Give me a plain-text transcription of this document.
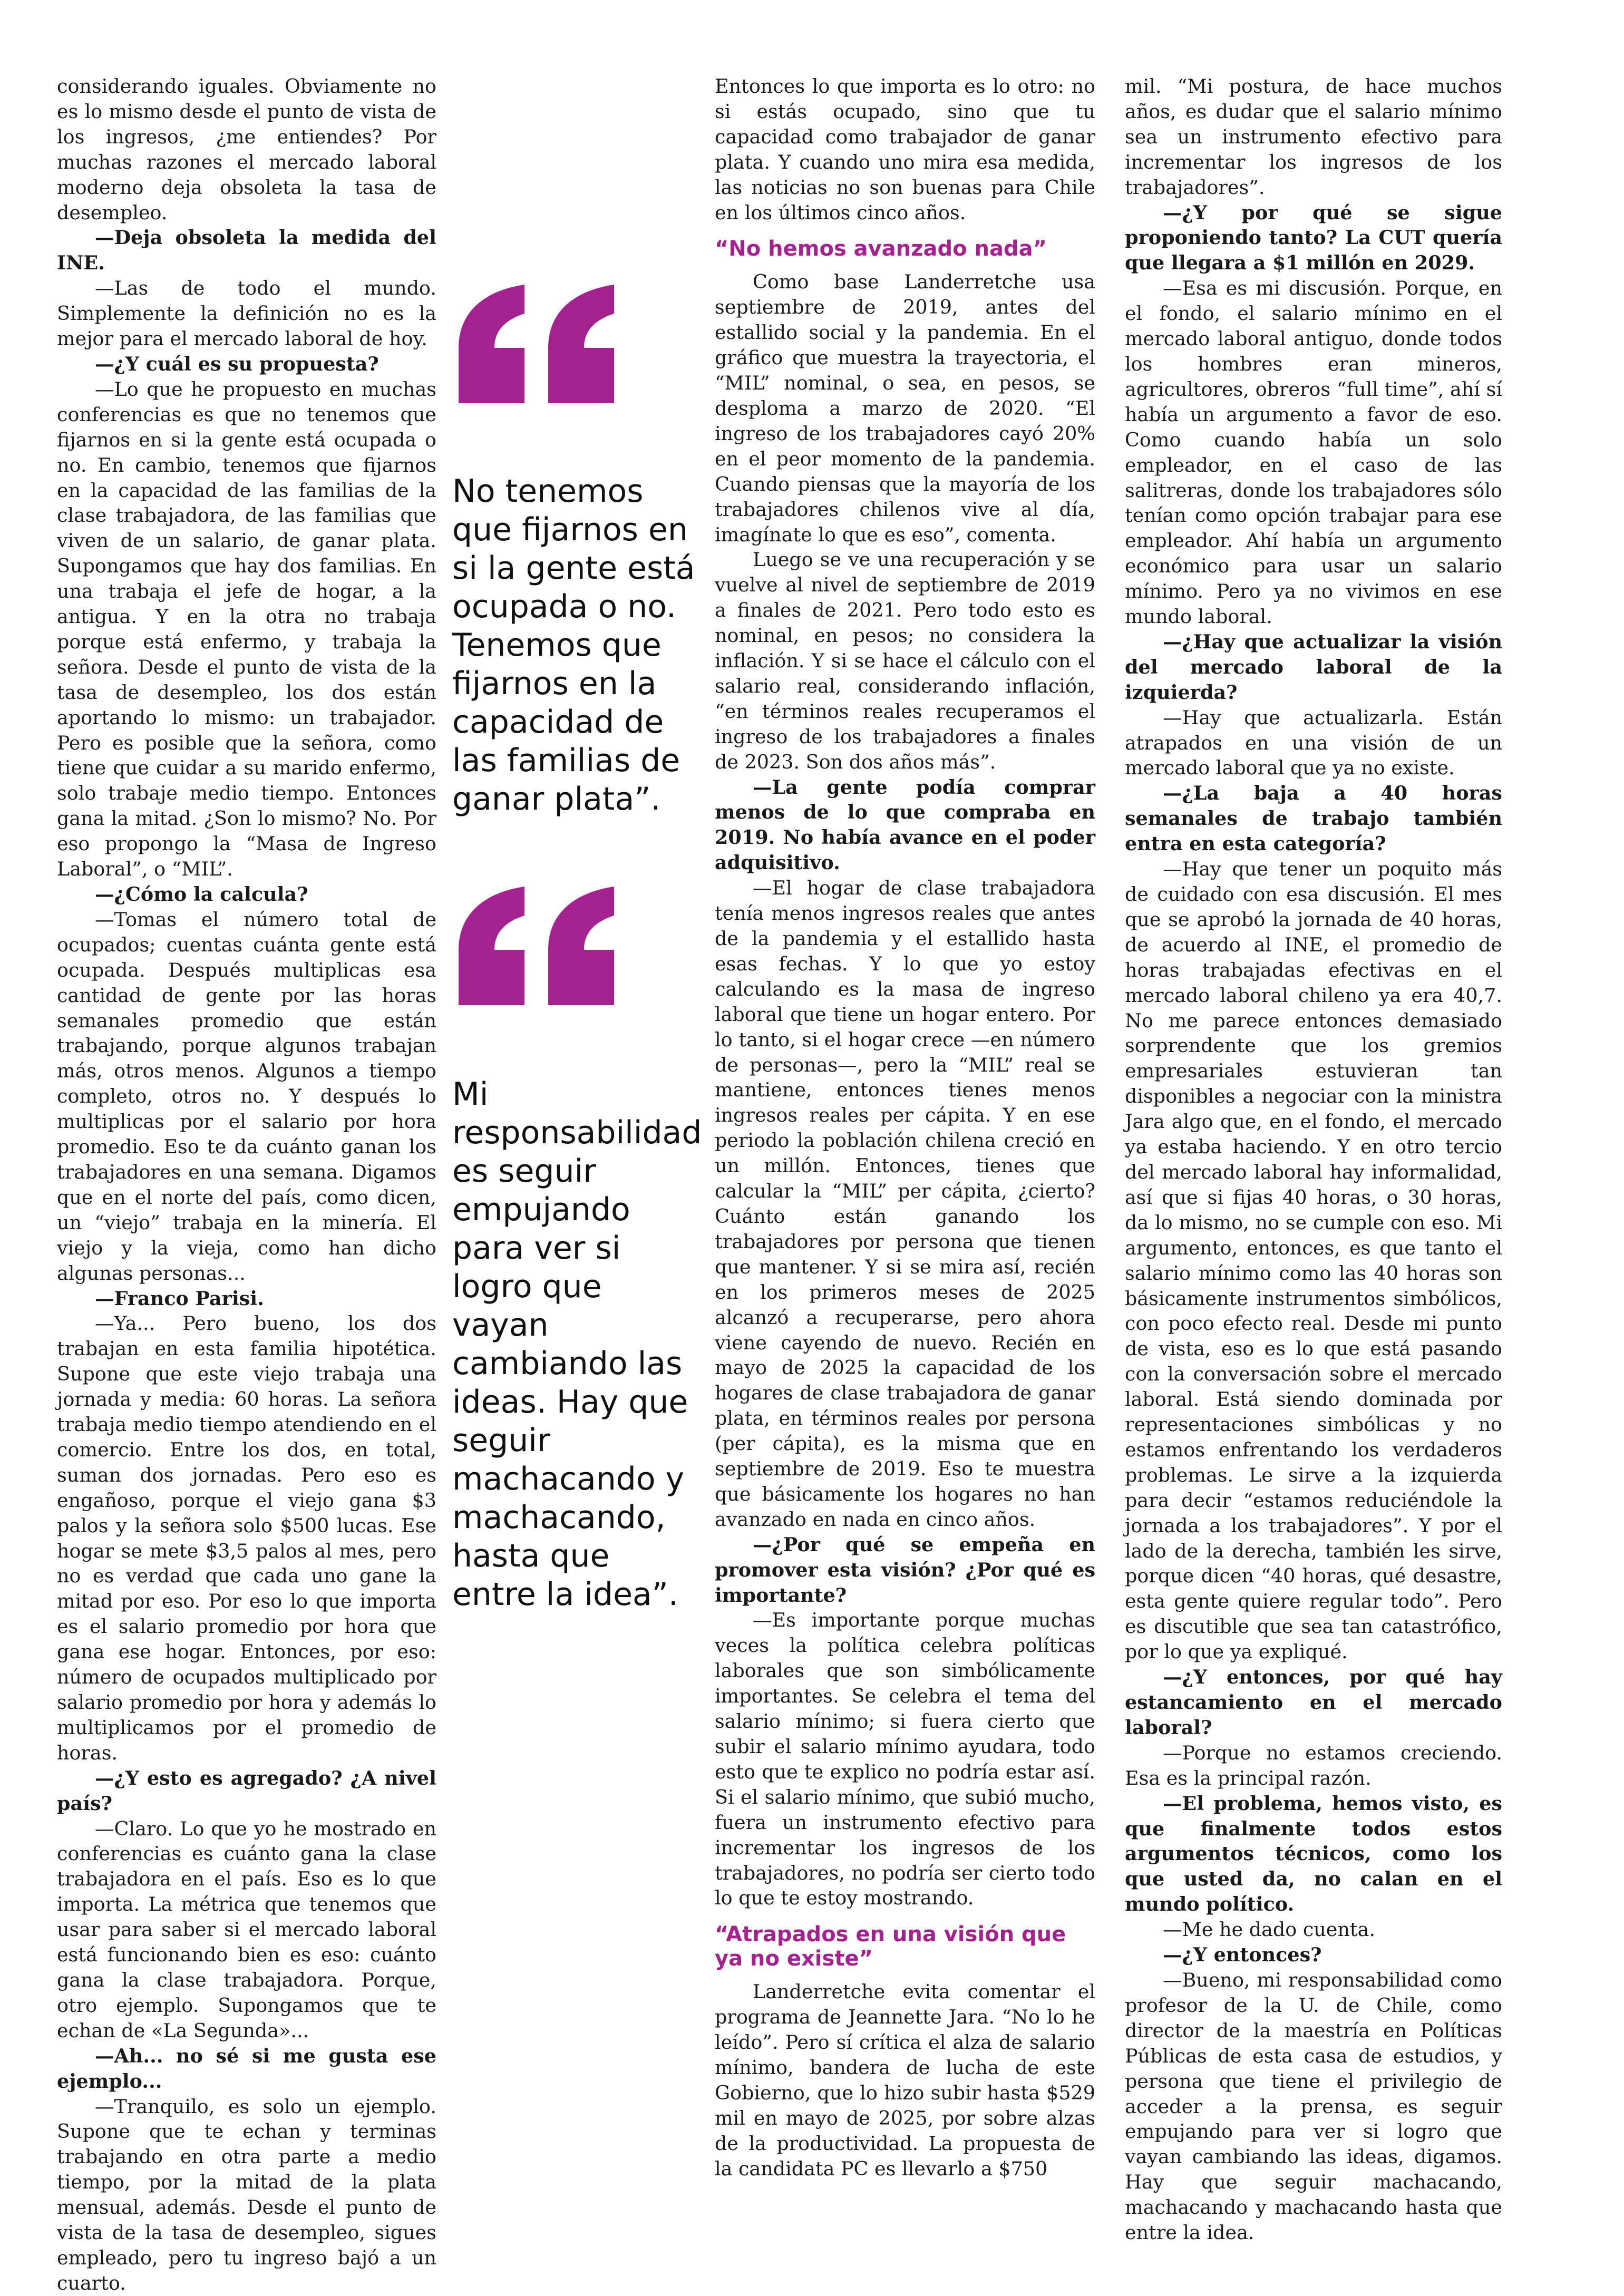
considerando iguales. Obviamente no es lo mismo desde el punto de vista de los ingresos, ¿me entiendes? Por muchas razones el mercado laboral moderno deja obsoleta la tasa de desempleo.

—Deja obsoleta la medida del INE.

—Las de todo el mundo. Simplemente la definición no es la mejor para el mercado laboral de hoy.

—¿Y cuál es su propuesta?

—Lo que he propuesto en muchas conferencias es que no tenemos que fijarnos en si la gente está ocupada o no. En cambio, tenemos que fijarnos en la capacidad de las familias de la clase trabajadora, de las familias que viven de un salario, de ganar plata. Supongamos que hay dos familias. En una trabaja el jefe de hogar, a la antigua. Y en la otra no trabaja porque está enfermo, y trabaja la señora. Desde el punto de vista de la tasa de desempleo, los dos están aportando lo mismo: un trabajador. Pero es posible que la señora, como tiene que cuidar a su marido enfermo, solo trabaje medio tiempo. Entonces gana la mitad. ¿Son lo mismo? No. Por eso propongo la “Masa de Ingreso Laboral”, o “MIL”.

—¿Cómo la calcula?

—Tomas el número total de ocupados; cuentas cuánta gente está ocupada. Después multiplicas esa cantidad de gente por las horas semanales promedio que están trabajando, porque algunos trabajan más, otros menos. Algunos a tiempo completo, otros no. Y después lo multiplicas por el salario por hora promedio. Eso te da cuánto ganan los trabajadores en una semana. Digamos que en el norte del país, como dicen, un “viejo” trabaja en la minería. El viejo y la vieja, como han dicho algunas personas...

—Franco Parisi.

—Ya... Pero bueno, los dos trabajan en esta familia hipotética. Supone que este viejo trabaja una jornada y media: 60 horas. La señora trabaja medio tiempo atendiendo en el comercio. Entre los dos, en total, suman dos jornadas. Pero eso es engañoso, porque el viejo gana $3 palos y la señora solo $500 lucas. Ese hogar se mete $3,5 palos al mes, pero no es verdad que cada uno gane la mitad por eso. Por eso lo que importa es el salario promedio por hora que gana ese hogar. Entonces, por eso: número de ocupados multiplicado por salario promedio por hora y además lo multiplicamos por el promedio de horas.

—¿Y esto es agregado? ¿A nivel país?

—Claro. Lo que yo he mostrado en conferencias es cuánto gana la clase trabajadora en el país. Eso es lo que importa. La métrica que tenemos que usar para saber si el mercado laboral está funcionando bien es eso: cuánto gana la clase trabajadora. Porque, otro ejemplo. Supongamos que te echan de «La Segunda»...

—Ah... no sé si me gusta ese ejemplo...

—Tranquilo, es solo un ejemplo. Supone que te echan y terminas trabajando en otra parte a medio tiempo, por la mitad de la plata mensual, además. Desde el punto de vista de la tasa de desempleo, sigues empleado, pero tu ingreso bajó a un cuarto.

No tenemos que fijarnos en si la gente está ocupada o no. Tenemos que fijarnos en la capacidad de las familias de ganar plata”.

Mi responsabilidad es seguir empujando para ver si logro que vayan cambiando las ideas. Hay que seguir machacando y machacando, hasta que entre la idea”.

Entonces lo que importa es lo otro: no si estás ocupado, sino que tu capacidad como trabajador de ganar plata. Y cuando uno mira esa medida, las noticias no son buenas para Chile en los últimos cinco años.

“No hemos avanzado nada”

Como base Landerretche usa septiembre de 2019, antes del estallido social y la pandemia. En el gráfico que muestra la trayectoria, el “MIL” nominal, o sea, en pesos, se desploma a marzo de 2020. “El ingreso de los trabajadores cayó 20% en el peor momento de la pandemia. Cuando piensas que la mayoría de los trabajadores chilenos vive al día, imagínate lo que es eso”, comenta.

Luego se ve una recuperación y se vuelve al nivel de septiembre de 2019 a finales de 2021. Pero todo esto es nominal, en pesos; no considera la inflación. Y si se hace el cálculo con el salario real, considerando inflación, “en términos reales recuperamos el ingreso de los trabajadores a finales de 2023. Son dos años más”.

—La gente podía comprar menos de lo que compraba en 2019. No había avance en el poder adquisitivo.

—El hogar de clase trabajadora tenía menos ingresos reales que antes de la pandemia y el estallido hasta esas fechas. Y lo que yo estoy calculando es la masa de ingreso laboral que tiene un hogar entero. Por lo tanto, si el hogar crece —en número de personas—, pero la “MIL” real se mantiene, entonces tienes menos ingresos reales per cápita. Y en ese periodo la población chilena creció en un millón. Entonces, tienes que calcular la “MIL” per cápita, ¿cierto? Cuánto están ganando los trabajadores por persona que tienen que mantener. Y si se mira así, recién en los primeros meses de 2025 alcanzó a recuperarse, pero ahora viene cayendo de nuevo. Recién en mayo de 2025 la capacidad de los hogares de clase trabajadora de ganar plata, en términos reales por persona (per cápita), es la misma que en septiembre de 2019. Eso te muestra que básicamente los hogares no han avanzado en nada en cinco años.

—¿Por qué se empeña en promover esta visión? ¿Por qué es importante?

—Es importante porque muchas veces la política celebra políticas laborales que son simbólicamente importantes. Se celebra el tema del salario mínimo; si fuera cierto que subir el salario mínimo ayudara, todo esto que te explico no podría estar así. Si el salario mínimo, que subió mucho, fuera un instrumento efectivo para incrementar los ingresos de los trabajadores, no podría ser cierto todo lo que te estoy mostrando.

“Atrapados en una visión que ya no existe”

Landerretche evita comentar el programa de Jeannette Jara. “No lo he leído”. Pero sí crítica el alza de salario mínimo, bandera de lucha de este Gobierno, que lo hizo subir hasta $529 mil en mayo de 2025, por sobre alzas de la productividad. La propuesta de la candidata PC es llevarlo a $750

mil. “Mi postura, de hace muchos años, es dudar que el salario mínimo sea un instrumento efectivo para incrementar los ingresos de los trabajadores”.

—¿Y por qué se sigue proponiendo tanto? La CUT quería que llegara a $1 millón en 2029.

—Esa es mi discusión. Porque, en el fondo, el salario mínimo en el mercado laboral antiguo, donde todos los hombres eran mineros, agricultores, obreros “full time”, ahí sí había un argumento a favor de eso. Como cuando había un solo empleador, en el caso de las salitreras, donde los trabajadores sólo tenían como opción trabajar para ese empleador. Ahí había un argumento económico para usar un salario mínimo. Pero ya no vivimos en ese mundo laboral.

—¿Hay que actualizar la visión del mercado laboral de la izquierda?

—Hay que actualizarla. Están atrapados en una visión de un mercado laboral que ya no existe.

—¿La baja a 40 horas semanales de trabajo también entra en esta categoría?

—Hay que tener un poquito más de cuidado con esa discusión. El mes que se aprobó la jornada de 40 horas, de acuerdo al INE, el promedio de horas trabajadas efectivas en el mercado laboral chileno ya era 40,7. No me parece entonces demasiado sorprendente que los gremios empresariales estuvieran tan disponibles a negociar con la ministra Jara algo que, en el fondo, el mercado ya estaba haciendo. Y en otro tercio del mercado laboral hay informalidad, así que si fijas 40 horas, o 30 horas, da lo mismo, no se cumple con eso. Mi argumento, entonces, es que tanto el salario mínimo como las 40 horas son básicamente instrumentos simbólicos, con poco efecto real. Desde mi punto de vista, eso es lo que está pasando con la conversación sobre el mercado laboral. Está siendo dominada por representaciones simbólicas y no estamos enfrentando los verdaderos problemas. Le sirve a la izquierda para decir “estamos reduciéndole la jornada a los trabajadores”. Y por el lado de la derecha, también les sirve, porque dicen “40 horas, qué desastre, esta gente quiere regular todo”. Pero es discutible que sea tan catastrófico, por lo que ya expliqué.

—¿Y entonces, por qué hay estancamiento en el mercado laboral?

—Porque no estamos creciendo. Esa es la principal razón.

—El problema, hemos visto, es que finalmente todos estos argumentos técnicos, como los que usted da, no calan en el mundo político.

—Me he dado cuenta.

—¿Y entonces?

—Bueno, mi responsabilidad como profesor de la U. de Chile, como director de la maestría en Políticas Públicas de esta casa de estudios, y persona que tiene el privilegio de acceder a la prensa, es seguir empujando para ver si logro que vayan cambiando las ideas, digamos. Hay que seguir machacando, machacando y machacando hasta que entre la idea.
